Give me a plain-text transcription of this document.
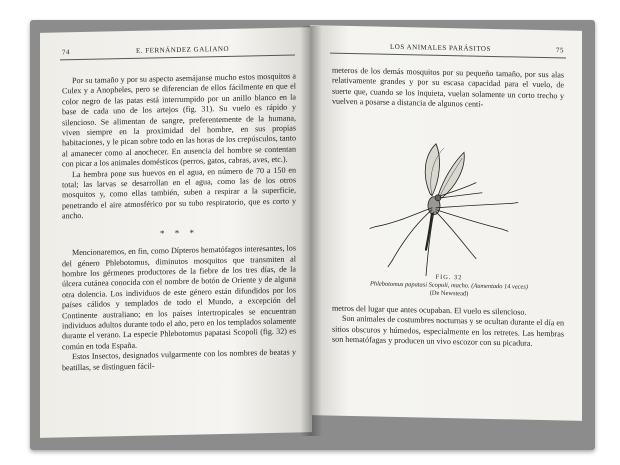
74	E. FERNÁNDEZ GALIANO

Por su tamaño y por su aspecto asemájanse mucho estos mosquitos a Culex y a Anopheles, pero se diferencian de ellos fácilmente en que el color negro de las patas está interrumpido por un anillo blanco en la base de cada uno de los artejos (fig. 31). Su vuelo es rápido y silencioso. Se alimentan de sangre, preferentemente de la humana, viven siempre en la proximidad del hombre, en sus propias habitaciones, y le pican sobre todo en las horas de los crepúsculos, tanto al amanecer como al anochecer. En ausencia del hombre se contentan con picar a los animales domésticos (perros, gatos, cabras, aves, etc.).

La hembra pone sus huevos en el agua, en número de 70 a 150 en total; las larvas se desarrollan en el agua, como las de los otros mosquitos y, como ellas también, suben a respirar a la superficie, penetrando el aire atmosférico por su tubo respiratorio, que es corto y ancho.

* * *

Mencionaremos, en fin, como Dípteros hematófagos interesantes, los del género Phlebotomus, diminutos mosquitos que transmiten al hombre los gérmenes productores de la fiebre de los tres días, de la úlcera cutánea conocida con el nombre de botón de Oriente y de alguna otra dolencia. Los individuos de este género están difundidos por los países cálidos y templados de todo el Mundo, a excepción del Continente australiano; en los países intertropicales se encuentran individuos adultos durante todo el año, pero en los templados solamente durante el verano. La especie Phlebotomus papatasi Scopoli (fig. 32) es común en toda España.

Estos Insectos, designados vulgarmente con los nombres de beatas y beatillas, se distinguen fácil-

LOS ANIMALES PARÁSITOS	75

meteros de los demás mosquitos por su pequeño tamaño, por sus alas relativamente grandes y por su escasa capacidad para el vuelo, de suerte que, cuando se los inquieta, vuelan solamente un corto trecho y vuelven a posarse a distancia de algunos centí-

FIG. 32
Phlebotomus papatasi Scopoli, macho. (Aumentado 14 veces)
(De Newstead)

metros del lugar que antes ocupaban. El vuelo es silencioso.

Son animales de costumbres nocturnas y se ocultan durante el día en sitios obscuros y húmedos, especialmente en los retretes. Las hembras son hematófagas y producen un vivo escozor con su picadura.
